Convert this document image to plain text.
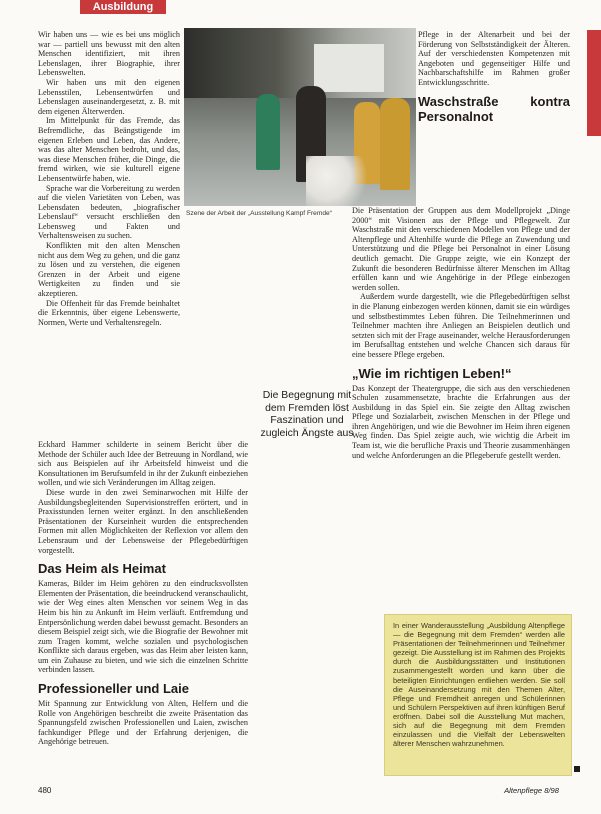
Ausbildung

Wir haben uns — wie es bei uns möglich war — partiell uns bewusst mit den alten Menschen identifiziert, mit ihren Lebenslagen, ihrer Biographie, ihrer Lebenswelten.

Wir haben uns mit den eigenen Lebensstilen, Lebensentwürfen und Lebenslagen auseinandergesetzt, z. B. mit dem eigenen Älterwerden.

Im Mittelpunkt für das Fremde, das Befremdliche, das Beängstigende im eigenen Erleben und Leben, das Andere, was das alter Menschen bedroht, und das, was diese Menschen früher, die Dinge, die fremd wirken, wie sie kulturell eigene Lebensentwürfe haben, wie.

Sprache war die Vorbereitung zu werden auf die vielen Varietäten von Leben, was Lebensdaten bedeuten, „biografischer Lebenslauf“ versucht erschließen den Lebensweg und Fakten und Verhaltensweisen zu suchen.

Konflikten mit den alten Menschen nicht aus dem Weg zu gehen, und die ganz zu lösen und zu verstehen, die eigenen Grenzen in der Arbeit und eigene Wertigkeiten zu finden und sie akzeptieren.

Die Offenheit für das Fremde beinhaltet die Erkenntnis, über eigene Lebenswerte, Normen, Werte und Verhaltensregeln.

Szene der Arbeit der „Ausstellung Kampf Fremde“

Pflege in der Altenarbeit und bei der Förderung von Selbstständigkeit der Älteren. Auf der verschiedensten Kompetenzen mit Angeboten und gegenseitiger Hilfe und Nachbarschaftshilfe im Rahmen großer Entwicklungsschritte.

Waschstraße kontra Personalnot

Die Präsentation der Gruppen aus dem Modellprojekt „Dinge 2000“ mit Visionen aus der Pflege und Pflegewelt. Zur Waschstraße mit den verschiedenen Modellen von Pflege und der Altenpflege und Altenhilfe wurde die Pflege an Zuwendung und Unterstützung und die Pflege bei Personalnot in einer Lösung deutlich gemacht. Die Gruppe zeigte, wie ein Konzept der Zukunft die besonderen Bedürfnisse älterer Menschen im Alltag erfüllen kann und wie Angehörige in der Pflege einbezogen werden sollen.

Außerdem wurde dargestellt, wie die Pflegebedürftigen selbst in die Planung einbezogen werden können, damit sie ein würdiges und selbstbestimmtes Leben führen. Die Teilnehmerinnen und Teilnehmer machten ihre Anliegen an Beispielen deutlich und setzten sich mit der Frage auseinander, welche Herausforderungen im Berufsalltag entstehen und welche Chancen sich daraus für eine bessere Pflege ergeben.

„Wie im richtigen Leben!“

Das Konzept der Theatergruppe, die sich aus den verschiedenen Schulen zusammensetzte, brachte die Erfahrungen aus der Ausbildung in das Spiel ein. Sie zeigte den Alltag zwischen Pflege und Sozialarbeit, zwischen Menschen in der Pflege und ihren Angehörigen, und wie die Bewohner im Heim ihren eigenen Weg finden. Das Spiel zeigte auch, wie wichtig die Arbeit im Team ist, wie die berufliche Praxis und Theorie zusammenhängen und welche Anforderungen an die Pflegeberufe gestellt werden.

Die Begegnung mit dem Fremden löst Faszination und zugleich Ängste aus

Eckhard Hammer schilderte in seinem Bericht über die Methode der Schüler auch Idee der Betreuung in Nordland, wie sich aus Beispielen auf ihr Arbeitsfeld hinweist und die Konsultationen im Berufsumfeld in ihr der Zukunft einbeziehen wollen, und wie sich Veränderungen im Alltag zeigen.

Diese wurde in den zwei Seminarwochen mit Hilfe der Ausbildungsbegleitenden Supervisionstreffen erörtert, und in Praxisstunden lernen weiter ergänzt. In den anschließenden Präsentationen der Kurseinheit wurden die entsprechenden Formen mit allen Möglichkeiten der Reflexion vor allem den Lebensraum und der Lebensweise der Pflegebedürftigen vorgestellt.

Das Heim als Heimat

Kameras, Bilder im Heim gehören zu den eindrucksvollsten Elementen der Präsentation, die beeindruckend veranschaulicht, wie der Weg eines alten Menschen vor seinem Weg in das Heim bis hin zu Ankunft im Heim verläuft. Entfremdung und Entpersönlichung werden dabei bewusst gemacht. Besonders an diesem Beispiel zeigt sich, wie die Biografie der Bewohner mit zum Tragen kommt, welche sozialen und psychologischen Konflikte sich daraus ergeben, was das Heim aber leisten kann, um ein Zuhause zu bieten, und wie sich die einzelnen Schritte verbinden lassen.

Professioneller und Laie

Mit Spannung zur Entwicklung von Alten, Helfern und die Rolle von Angehörigen beschreibt die zweite Präsentation das Spannungsfeld zwischen Professionellen und Laien, zwischen fachkundiger Pflege und der Erfahrung derjenigen, die Angehörige betreuen.

In einer Wanderausstellung „Ausbildung Altenpflege — die Begegnung mit dem Fremden“ werden alle Präsentationen der Teilnehmerinnen und Teilnehmer gezeigt. Die Ausstellung ist im Rahmen des Projekts durch die Ausbildungsstätten und Institutionen zusammengestellt worden und kann über die beteiligten Einrichtungen entliehen werden. Sie soll die Auseinandersetzung mit den Themen Alter, Pflege und Fremdheit anregen und Schülerinnen und Schülern Perspektiven auf ihren künftigen Beruf eröffnen. Dabei soll die Ausstellung Mut machen, sich auf die Begegnung mit dem Fremden einzulassen und die Vielfalt der Lebenswelten älterer Menschen wahrzunehmen.
480	Altenpflege 8/98
